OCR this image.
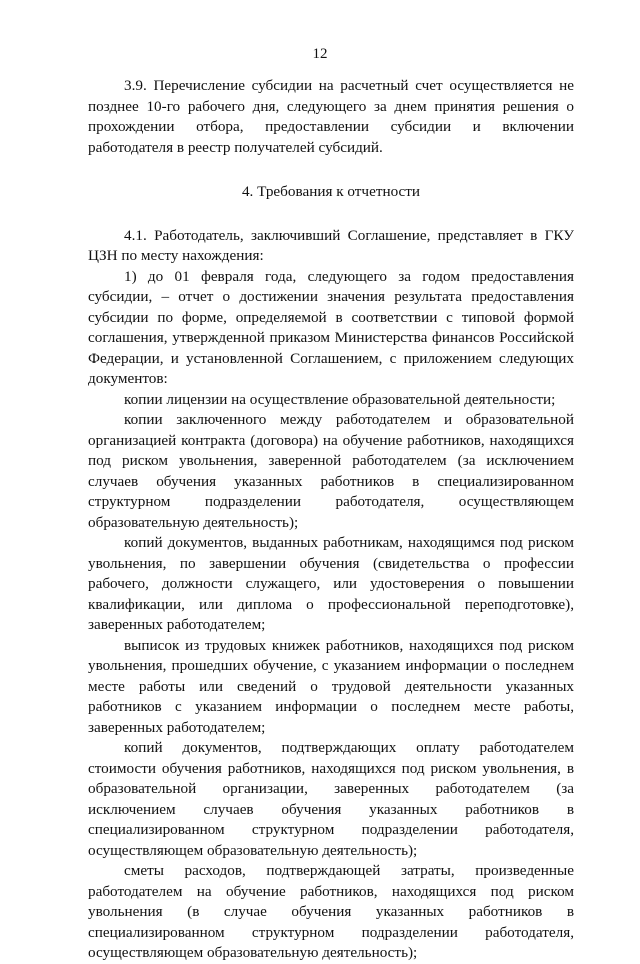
12

3.9. Перечисление субсидии на расчетный счет осуществляется не позднее 10-го рабочего дня, следующего за днем принятия решения о прохождении отбора, предоставлении субсидии и включении работодателя в реестр получателей субсидий.

4. Требования к отчетности

4.1. Работодатель, заключивший Соглашение, представляет в ГКУ ЦЗН по месту нахождения:

1) до 01 февраля года, следующего за годом предоставления субсидии, – отчет о достижении значения результата предоставления субсидии по форме, определяемой в соответствии с типовой формой соглашения, утвержденной приказом Министерства финансов Российской Федерации, и установленной Соглашением, с приложением следующих документов:

копии лицензии на осуществление образовательной деятельности;

копии заключенного между работодателем и образовательной организацией контракта (договора) на обучение работников, находящихся под риском увольнения, заверенной работодателем (за исключением случаев обучения указанных работников в специализированном структурном подразделении работодателя, осуществляющем образовательную деятельность);

копий документов, выданных работникам, находящимся под риском увольнения, по завершении обучения (свидетельства о профессии рабочего, должности служащего, или удостоверения о повышении квалификации, или диплома о профессиональной переподготовке), заверенных работодателем;

выписок из трудовых книжек работников, находящихся под риском увольнения, прошедших обучение, с указанием информации о последнем месте работы или сведений о трудовой деятельности указанных работников с указанием информации о последнем месте работы, заверенных работодателем;

копий документов, подтверждающих оплату работодателем стоимости обучения работников, находящихся под риском увольнения, в образовательной организации, заверенных работодателем (за исключением случаев обучения указанных работников в специализированном структурном подразделении работодателя, осуществляющем образовательную деятельность);

сметы расходов, подтверждающей затраты, произведенные работодателем на обучение работников, находящихся под риском увольнения (в случае обучения указанных работников в специализированном структурном подразделении работодателя, осуществляющем образовательную деятельность);
